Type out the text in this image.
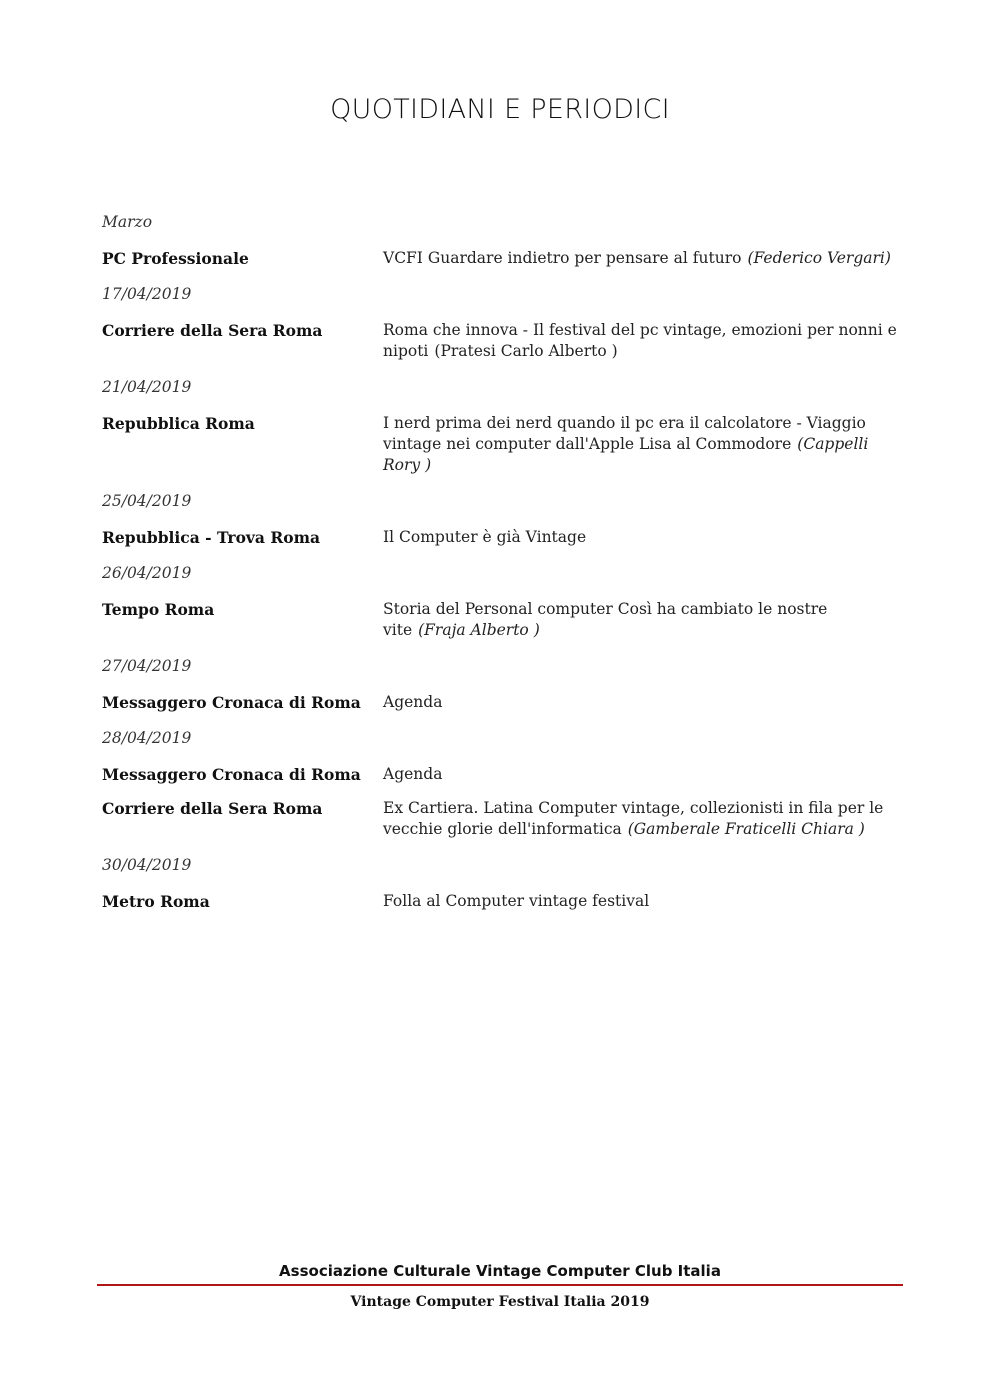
QUOTIDIANI E PERIODICI
Marzo
PC Professionale	VCFI Guardare indietro per pensare al futuro (Federico Vergari)
17/04/2019
Corriere della Sera Roma	Roma che innova - Il festival del pc vintage, emozioni per nonni e nipoti (Pratesi Carlo Alberto )
21/04/2019
Repubblica Roma	I nerd prima dei nerd quando il pc era il calcolatore - Viaggio vintage nei computer dall'Apple Lisa al Commodore (Cappelli Rory )
25/04/2019
Repubblica - Trova Roma	Il Computer è già Vintage
26/04/2019
Tempo Roma	Storia del Personal computer Così ha cambiato le nostre vite (Fraja Alberto )
27/04/2019
Messaggero Cronaca di Roma	Agenda
28/04/2019
Messaggero Cronaca di Roma	Agenda
Corriere della Sera Roma	Ex Cartiera. Latina Computer vintage, collezionisti in fila per le vecchie glorie dell'informatica (Gamberale Fraticelli Chiara )
30/04/2019
Metro Roma	Folla al Computer vintage festival
Associazione Culturale Vintage Computer Club Italia
Vintage Computer Festival Italia 2019
